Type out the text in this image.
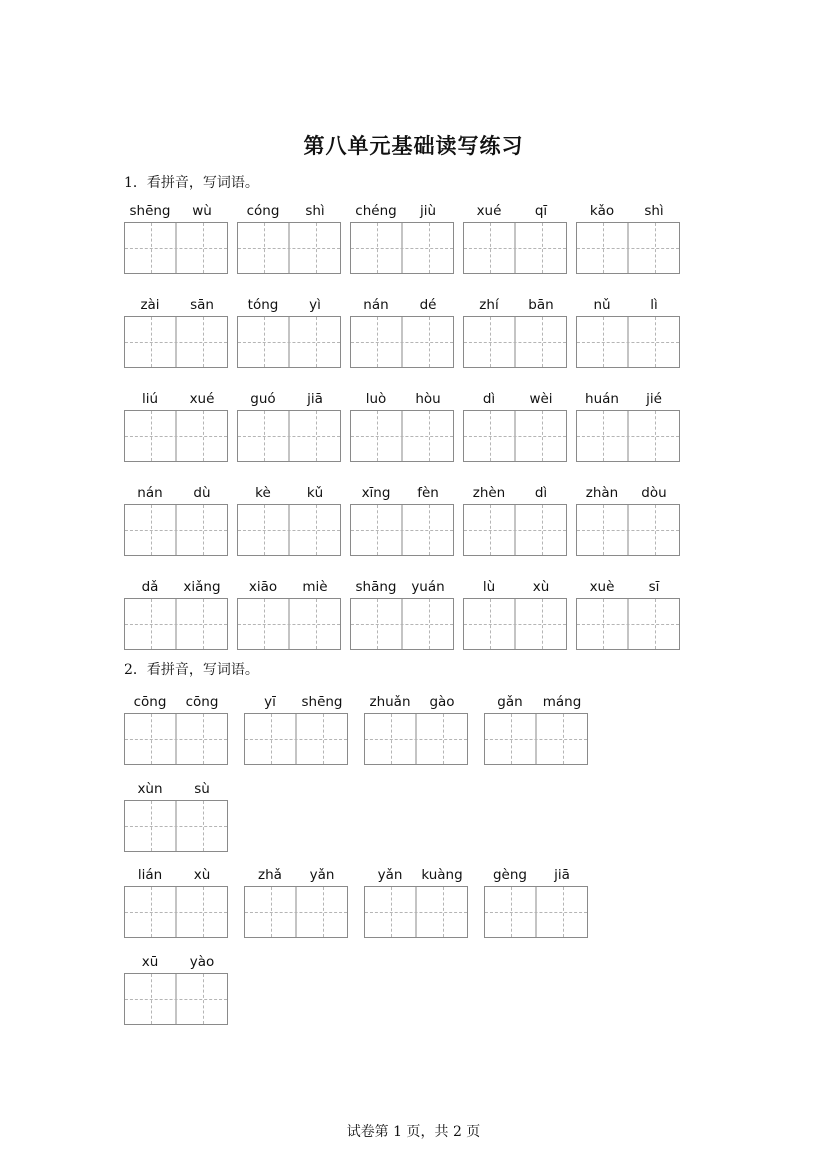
第八单元基础读写练习
1．看拼音，写词语。
2．看拼音，写词语。
shēng	wù	cóng	shì	chéng	jiù	xué	qī	kǎo	shì
zài	sān	tóng	yì	nán	dé	zhí	bān	nǔ	lì
liú	xué	guó	jiā	luò	hòu	dì	wèi	huán	jié
nán	dù	kè	kǔ	xīng	fèn	zhèn	dì	zhàn	dòu
dǎ	xiǎng	xiāo	miè	shāng	yuán	lù	xù	xuè	sī
cōng	cōng	yī	shēng	zhuǎn	gào	gǎn	máng
xùn	sù
lián	xù	zhǎ	yǎn	yǎn	kuàng	gèng	jiā
xū	yào
试卷第 1 页，共 2 页
